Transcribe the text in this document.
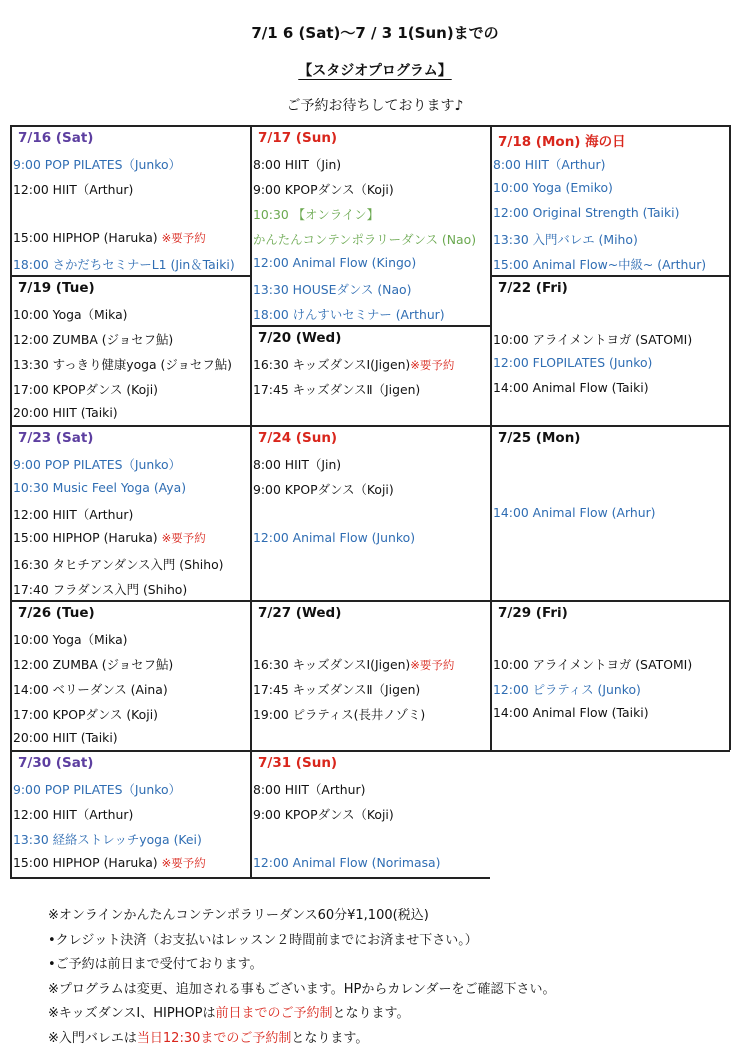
7/1 6 (Sat)〜7 / 3 1(Sun)までの
【スタジオプログラム】
ご予約お待ちしております♪
7/16 (Sat)
9:00 POP PILATES（Junko）
12:00 HIIT（Arthur)
15:00 HIPHOP (Haruka) ※要予約
18:00 さかだちセミナーL1 (Jin＆Taiki)
7/17 (Sun)
8:00 HIIT（Jin)
9:00 KPOPダンス（Koji)
10:30 【オンライン】
かんたんコンテンポラリーダンス (Nao)
12:00 Animal Flow (Kingo)
13:30 HOUSEダンス (Nao)
18:00 けんすいセミナー (Arthur)
7/18 (Mon) 海の日
8:00 HIIT（Arthur)
10:00 Yoga (Emiko)
12:00 Original Strength (Taiki)
13:30 入門バレエ (Miho)
15:00 Animal Flow~中級~ (Arthur)
7/19 (Tue)
10:00 Yoga（Mika)
12:00 ZUMBA (ジョセフ鮎)
13:30 すっきり健康yoga (ジョセフ鮎)
17:00 KPOPダンス (Koji)
20:00 HIIT (Taiki)
7/20 (Wed)
16:30 キッズダンスⅠ(Jigen)※要予約
17:45 キッズダンスⅡ（Jigen)
7/22 (Fri)
10:00 アライメントヨガ (SATOMI)
12:00 FLOPILATES (Junko)
14:00 Animal Flow (Taiki)
7/23 (Sat)
9:00 POP PILATES（Junko）
10:30 Music Feel Yoga (Aya)
12:00 HIIT（Arthur)
15:00 HIPHOP (Haruka) ※要予約
16:30 タヒチアンダンス入門 (Shiho)
17:40 フラダンス入門 (Shiho)
7/24 (Sun)
8:00 HIIT（Jin)
9:00 KPOPダンス（Koji)
12:00 Animal Flow (Junko)
7/25 (Mon)
14:00 Animal Flow (Arhur)
7/26 (Tue)
10:00 Yoga（Mika)
12:00 ZUMBA (ジョセフ鮎)
14:00 ベリーダンス (Aina)
17:00 KPOPダンス (Koji)
20:00 HIIT (Taiki)
7/27 (Wed)
16:30 キッズダンスⅠ(Jigen)※要予約
17:45 キッズダンスⅡ（Jigen)
19:00 ピラティス(長井ノゾミ)
7/29 (Fri)
10:00 アライメントヨガ (SATOMI)
12:00 ピラティス (Junko)
14:00 Animal Flow (Taiki)
7/30 (Sat)
9:00 POP PILATES（Junko）
12:00 HIIT（Arthur)
13:30 経絡ストレッチyoga (Kei)
15:00 HIPHOP (Haruka) ※要予約
7/31 (Sun)
8:00 HIIT（Arthur)
9:00 KPOPダンス（Koji)
12:00 Animal Flow (Norimasa)
※オンラインかんたんコンテンポラリーダンス60分¥1,100(税込)
•クレジット決済（お支払いはレッスン２時間前までにお済ませ下さい。）
•ご予約は前日まで受付ております。
※プログラムは変更、追加される事もございます。HPからカレンダーをご確認下さい。
※キッズダンスⅠ、HIPHOPは前日までのご予約制となります。
※入門バレエは当日12:30までのご予約制となります。
